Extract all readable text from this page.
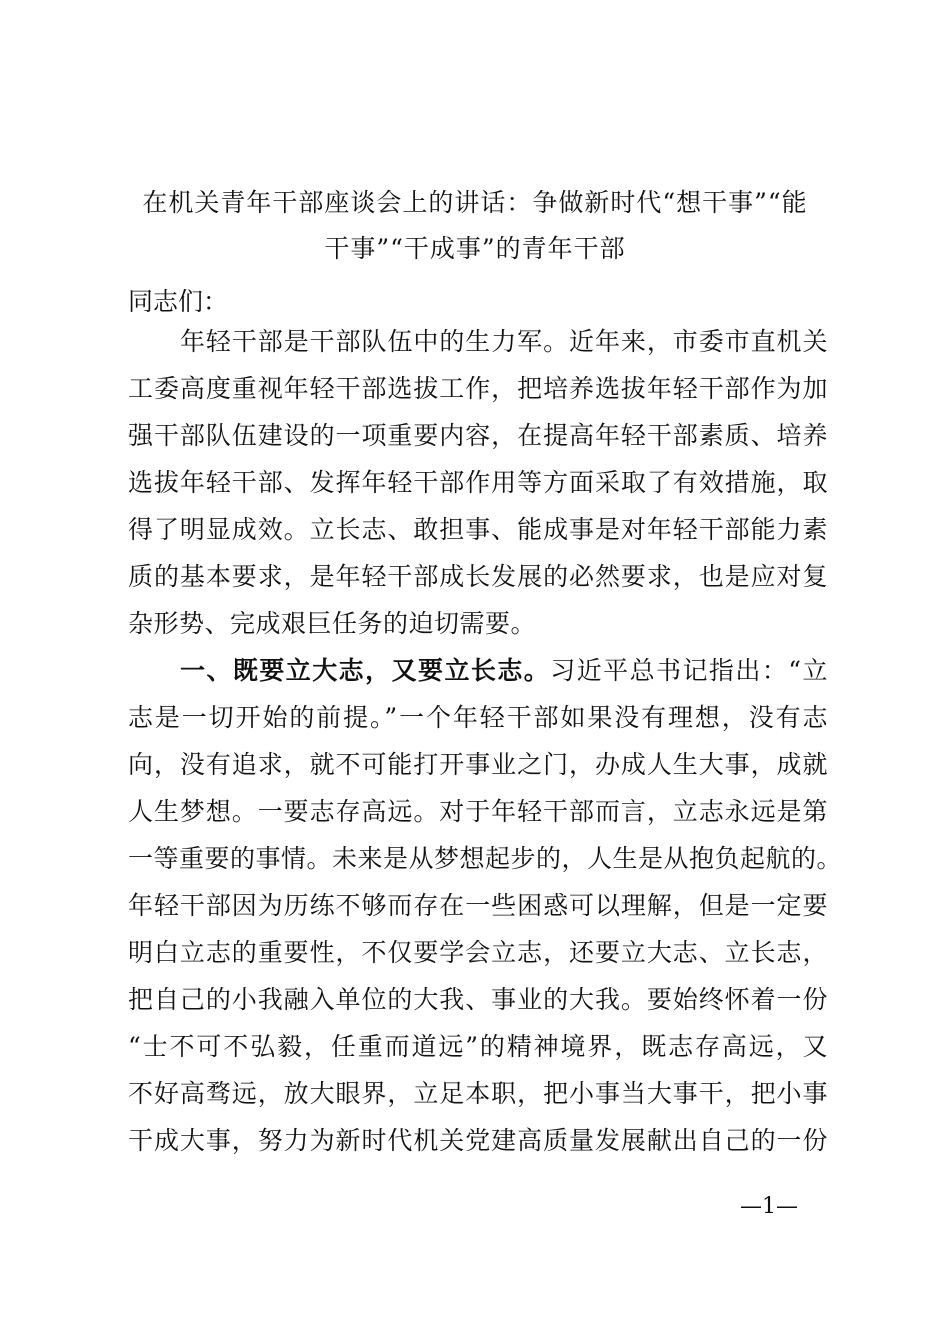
在机关青年干部座谈会上的讲话：争做新时代“想干事”“能
干事”“干成事”的青年干部
同志们：
年轻干部是干部队伍中的生力军。近年来，市委市直机关
工委高度重视年轻干部选拔工作，把培养选拔年轻干部作为加
强干部队伍建设的一项重要内容，在提高年轻干部素质、培养
选拔年轻干部、发挥年轻干部作用等方面采取了有效措施，取
得了明显成效。立长志、敢担事、能成事是对年轻干部能力素
质的基本要求，是年轻干部成长发展的必然要求，也是应对复
杂形势、完成艰巨任务的迫切需要。
一、既要立大志，又要立长志。习近平总书记指出：“立
志是一切开始的前提。”一个年轻干部如果没有理想，没有志
向，没有追求，就不可能打开事业之门，办成人生大事，成就
人生梦想。一要志存高远。对于年轻干部而言，立志永远是第
一等重要的事情。未来是从梦想起步的，人生是从抱负起航的。
年轻干部因为历练不够而存在一些困惑可以理解，但是一定要
明白立志的重要性，不仅要学会立志，还要立大志、立长志，
把自己的小我融入单位的大我、事业的大我。要始终怀着一份
“士不可不弘毅，任重而道远”的精神境界，既志存高远，又
不好高骛远，放大眼界，立足本职，把小事当大事干，把小事
干成大事，努力为新时代机关党建高质量发展献出自己的一份
—1—
